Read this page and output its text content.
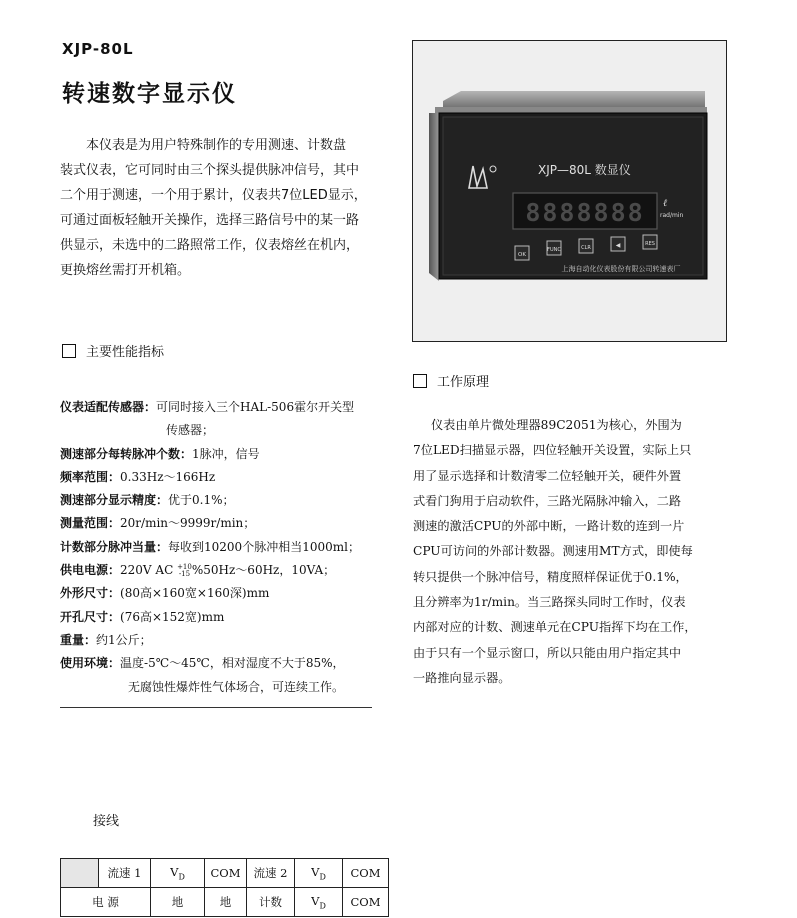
XJP-80L
转速数字显示仪
本仪表是为用户特殊制作的专用测速、计数盘
装式仪表，它可同时由三个探头提供脉冲信号，其中
二个用于测速，一个用于累计，仪表共7位LED显示，
可通过面板轻触开关操作，选择三路信号中的某一路
供显示，未选中的二路照常工作，仪表熔丝在机内，
更换熔丝需打开机箱。
主要性能指标
仪表适配传感器：可同时接入三个HAL-506霍尔开关型
传感器；
测速部分每转脉冲个数：1脉冲，信号
频率范围：0.33Hz～166Hz
测速部分显示精度：优于0.1%；
测量范围：20r/min～9999r/min；
计数部分脉冲当量：每收到10200个脉冲相当1000ml；
供电电源：220V AC +10
-15 %50Hz～60Hz，10VA；
外形尺寸：(80高×160宽×160深)mm
开孔尺寸：(76高×152宽)mm
重量：约1公斤；
使用环境：温度-5℃～45℃，相对湿度不大于85%，
无腐蚀性爆炸性气体场合，可连续工作。
XJP—80L 数显仪
8888888 ℓ
rad/min
OK
FUNC	CLR	◀	RES
上海自动化仪表股份有限公司转速表厂
工作原理
仪表由单片微处理器89C2051为核心，外围为
7位LED扫描显示器，四位轻触开关设置，实际上只
用了显示选择和计数清零二位轻触开关，硬件外置
式看门狗用于启动软件，三路光隔脉冲输入，二路
测速的激活CPU的外部中断，一路计数的连到一片
CPU可访问的外部计数器。测速用MT方式，即使每
转只提供一个脉冲信号，精度照样保证优于0.1%，
且分辨率为1r/min。当三路探头同时工作时，仪表
内部对应的计数、测速单元在CPU指挥下均在工作，
由于只有一个显示窗口，所以只能由用户指定其中
一路推向显示器。
接线
	流速 1	$V_D$	COM	流速 2	$V_D$	COM
电 源		地	地	计数	$V_D$	COM
